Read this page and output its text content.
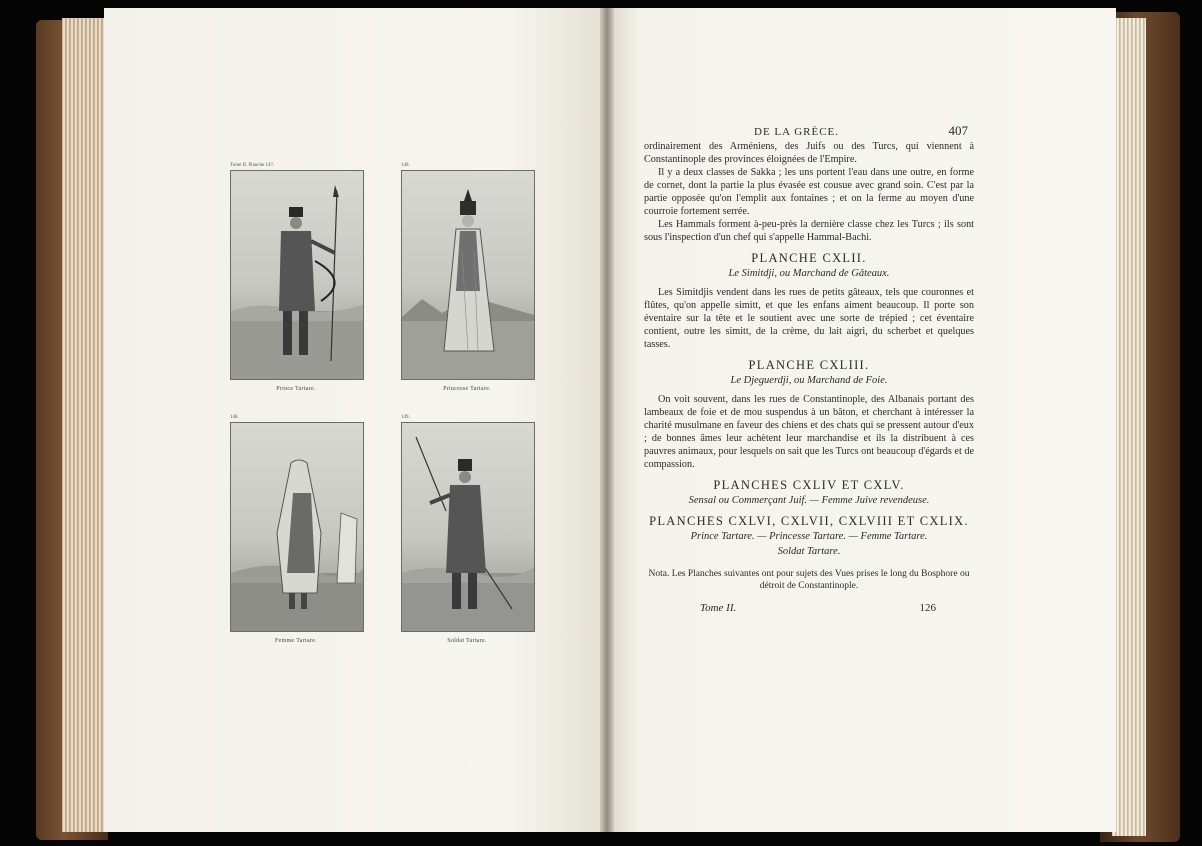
Tome II. Planche 147.
Prince Tartare.
148.
Princesse Tartare.
148.
Femme Tartare.
149.
Soldat Tartare.
DE LA GRÈCE.	407

ordinairement des Arméniens, des Juifs ou des Turcs, qui viennent à Constantinople des provinces éloignées de l'Empire.

Il y a deux classes de Sakka ; les uns portent l'eau dans une outre, en forme de cornet, dont la partie la plus évasée est cousue avec grand soin. C'est par la partie opposée qu'on l'emplit aux fontaines ; et on la ferme au moyen d'une courroie fortement serrée.

Les Hammals forment à-peu-près la dernière classe chez les Turcs ; ils sont sous l'inspection d'un chef qui s'appelle Hammal-Bachi.

PLANCHE CXLII.
Le Simitdji, ou Marchand de Gâteaux.

Les Simitdjis vendent dans les rues de petits gâteaux, tels que couronnes et flûtes, qu'on appelle simitt, et que les enfans aiment beaucoup. Il porte son éventaire sur la tête et le soutient avec une sorte de trépied ; cet éventaire contient, outre les simitt, de la crème, du lait aigri, du scherbet et quelques tasses.

PLANCHE CXLIII.
Le Djeguerdji, ou Marchand de Foie.

On voit souvent, dans les rues de Constantinople, des Albanais portant des lambeaux de foie et de mou suspendus à un bâton, et cherchant à intéresser la charité musulmane en faveur des chiens et des chats qui se pressent autour d'eux ; de bonnes âmes leur achètent leur marchandise et ils la distribuent à ces pauvres animaux, pour lesquels on sait que les Turcs ont beaucoup d'égards et de compassion.

PLANCHES CXLIV ET CXLV.
Sensal ou Commerçant Juif. — Femme Juive revendeuse.
PLANCHES CXLVI, CXLVII, CXLVIII ET CXLIX.
Prince Tartare. — Princesse Tartare. — Femme Tartare.
Soldat Tartare.
Nota. Les Planches suivantes ont pour sujets des Vues prises le long du Bosphore ou détroit de Constantinople.
Tome II.	126
